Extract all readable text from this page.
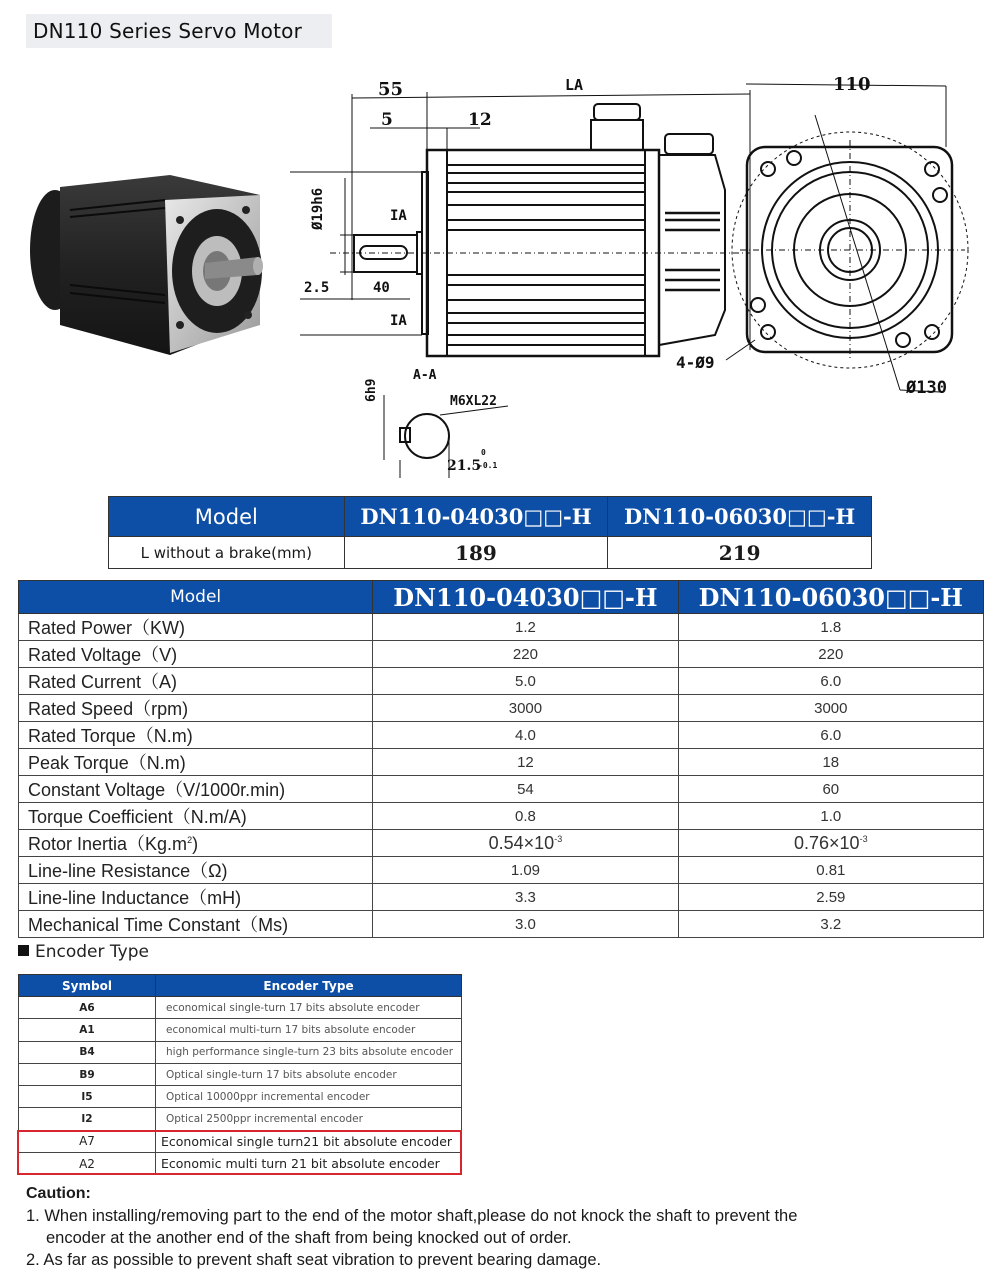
DN110 Series Servo Motor
55	LA
5	12
Ø19h6	IA
2.5	40
IA
4-Ø9
110
Ø130
A-A
6h9	M6XL22
21.5
0
-0.1
Model	DN110-04030□□-H	DN110-06030□□-H
L without a brake(mm)	189	219
Model	DN110-04030□□-H	DN110-06030□□-H
Rated Power（KW)	1.2	1.8
Rated Voltage（V)	220	220
Rated Current（A)	5.0	6.0
Rated Speed（rpm)	3000	3000
Rated Torque（N.m)	4.0	6.0
Peak Torque（N.m)	12	18
Constant Voltage（V/1000r.min)	54	60
Torque Coefficient（N.m/A)	0.8	1.0
Rotor $Inertia(Kg.m^2)$	$0.54\times 10^{-3}$	$0.76\times 10^{-3}$
Line-line Resistance（Ω)	1.09	0.81
Line-line Inductance（mH)	3.3	2.59
Mechanical Time Constant（Ms)	3.0	3.2
Encoder Type
Symbol	Encoder Type
A6	economical single-turn 17 bits absolute encoder
A1	economical multi-turn 17 bits absolute encoder
B4	high performance single-turn 23 bits absolute encoder
B9	Optical single-turn 17 bits absolute encoder
I5	Optical 10000ppr incremental encoder
I2	Optical 2500ppr incremental encoder
A7	Economical single turn21 bit absolute encoder
A2	Economic multi turn 21 bit absolute encoder
Caution:
1. When installing/removing part to the end of the motor shaft,please do not knock the shaft to prevent the
encoder at the another end of the shaft from being knocked out of order.
2. As far as possible to prevent shaft seat vibration to prevent bearing damage.
